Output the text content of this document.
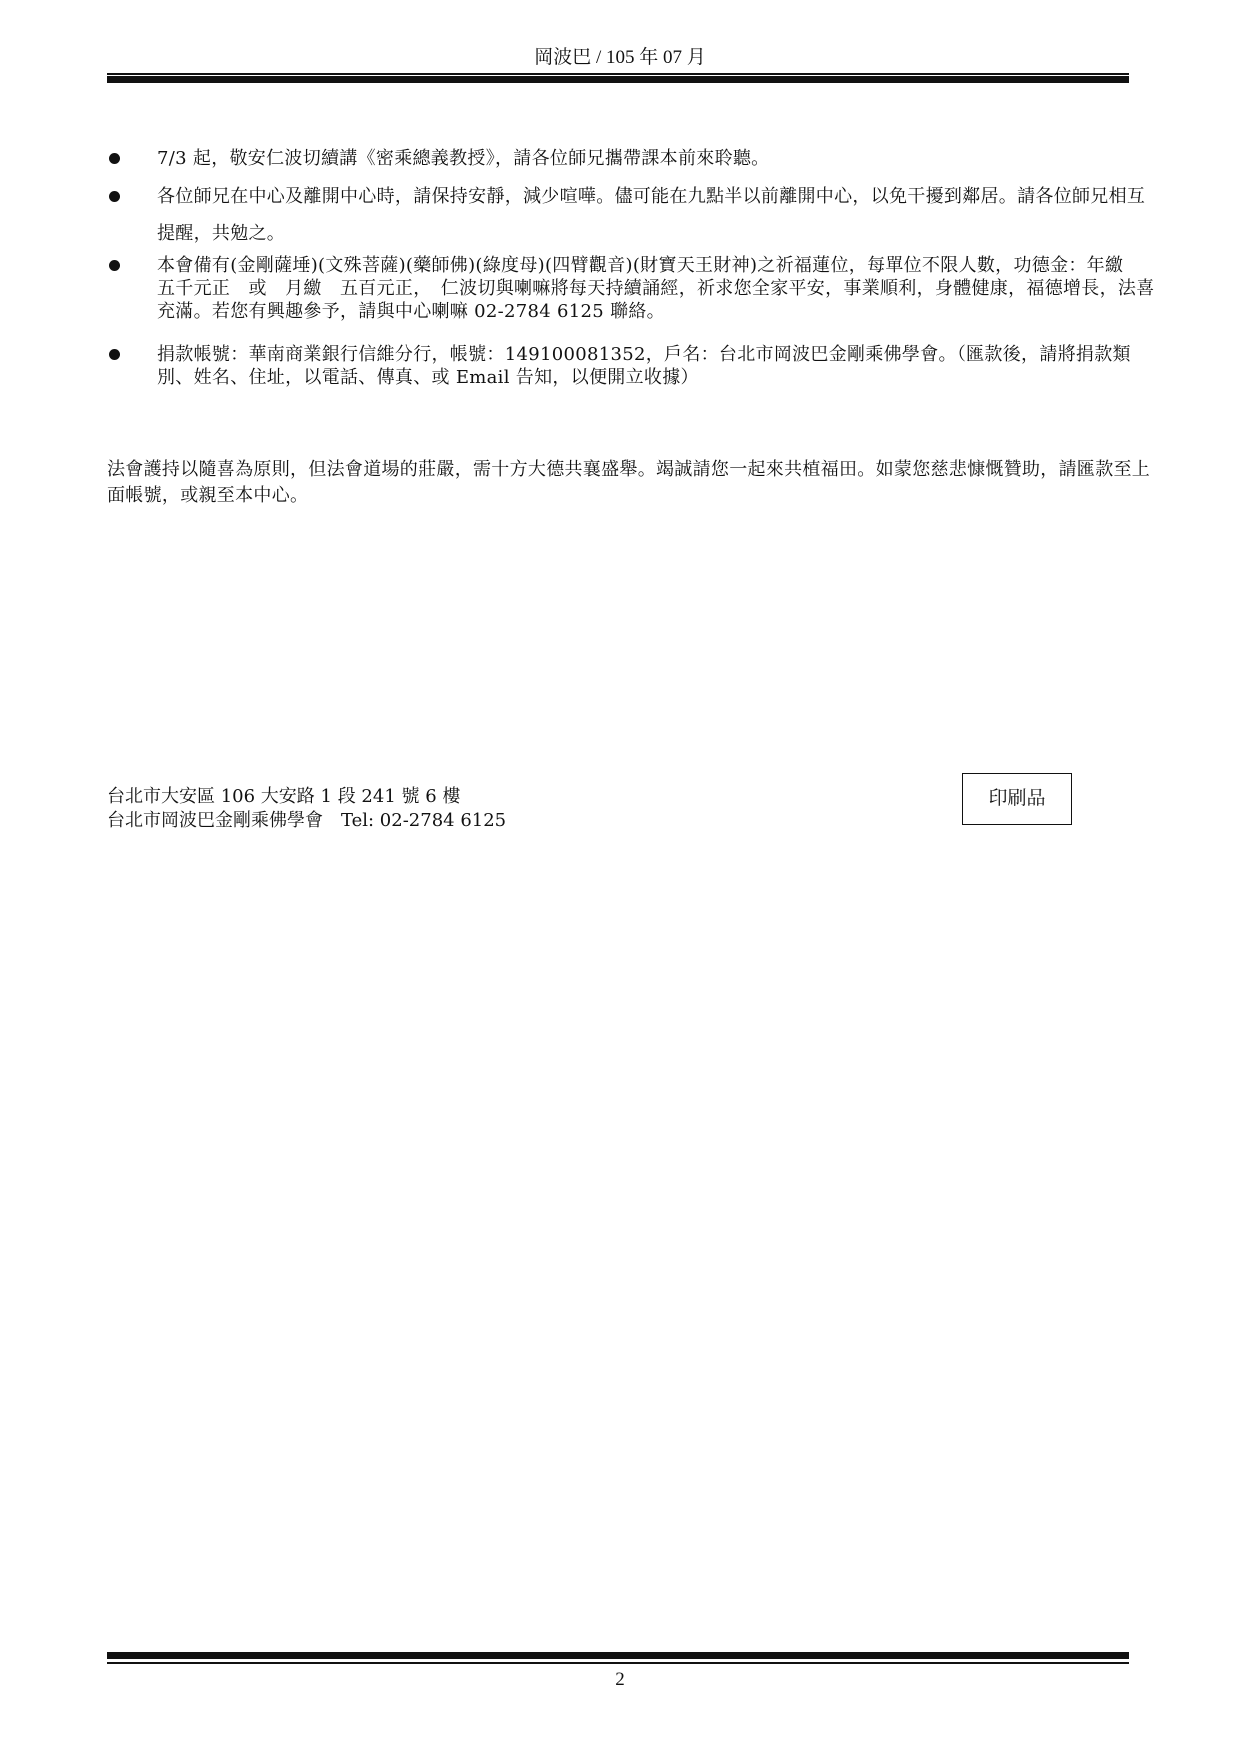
岡波巴 / 105 年 07 月
7/3 起，敬安仁波切續講《密乘總義教授》，請各位師兄攜帶課本前來聆聽。
各位師兄在中心及離開中心時，請保持安靜，減少喧嘩。儘可能在九點半以前離開中心，以免干擾到鄰居。請各位師兄相互提醒，共勉之。
本會備有(金剛薩埵)(文殊菩薩)(藥師佛)(綠度母)(四臂觀音)(財寶天王財神)之祈福蓮位，每單位不限人數，功德金：年繳　五千元正　或　月繳　五百元正，　仁波切與喇嘛將每天持續誦經，祈求您全家平安，事業順利，身體健康，福德增長，法喜充滿。若您有興趣參予，請與中心喇嘛 02-2784 6125 聯絡。
捐款帳號：華南商業銀行信維分行，帳號：149100081352，戶名：台北市岡波巴金剛乘佛學會。（匯款後，請將捐款類別、姓名、住址，以電話、傳真、或 Email 告知，以便開立收據）

法會護持以隨喜為原則，但法會道場的莊嚴，需十方大德共襄盛舉。竭誠請您一起來共植福田。如蒙您慈悲慷慨贊助，請匯款至上面帳號，或親至本中心。

台北市大安區 106 大安路 1 段 241 號 6 樓
台北市岡波巴金剛乘佛學會　Tel: 02-2784 6125
印刷品
2
